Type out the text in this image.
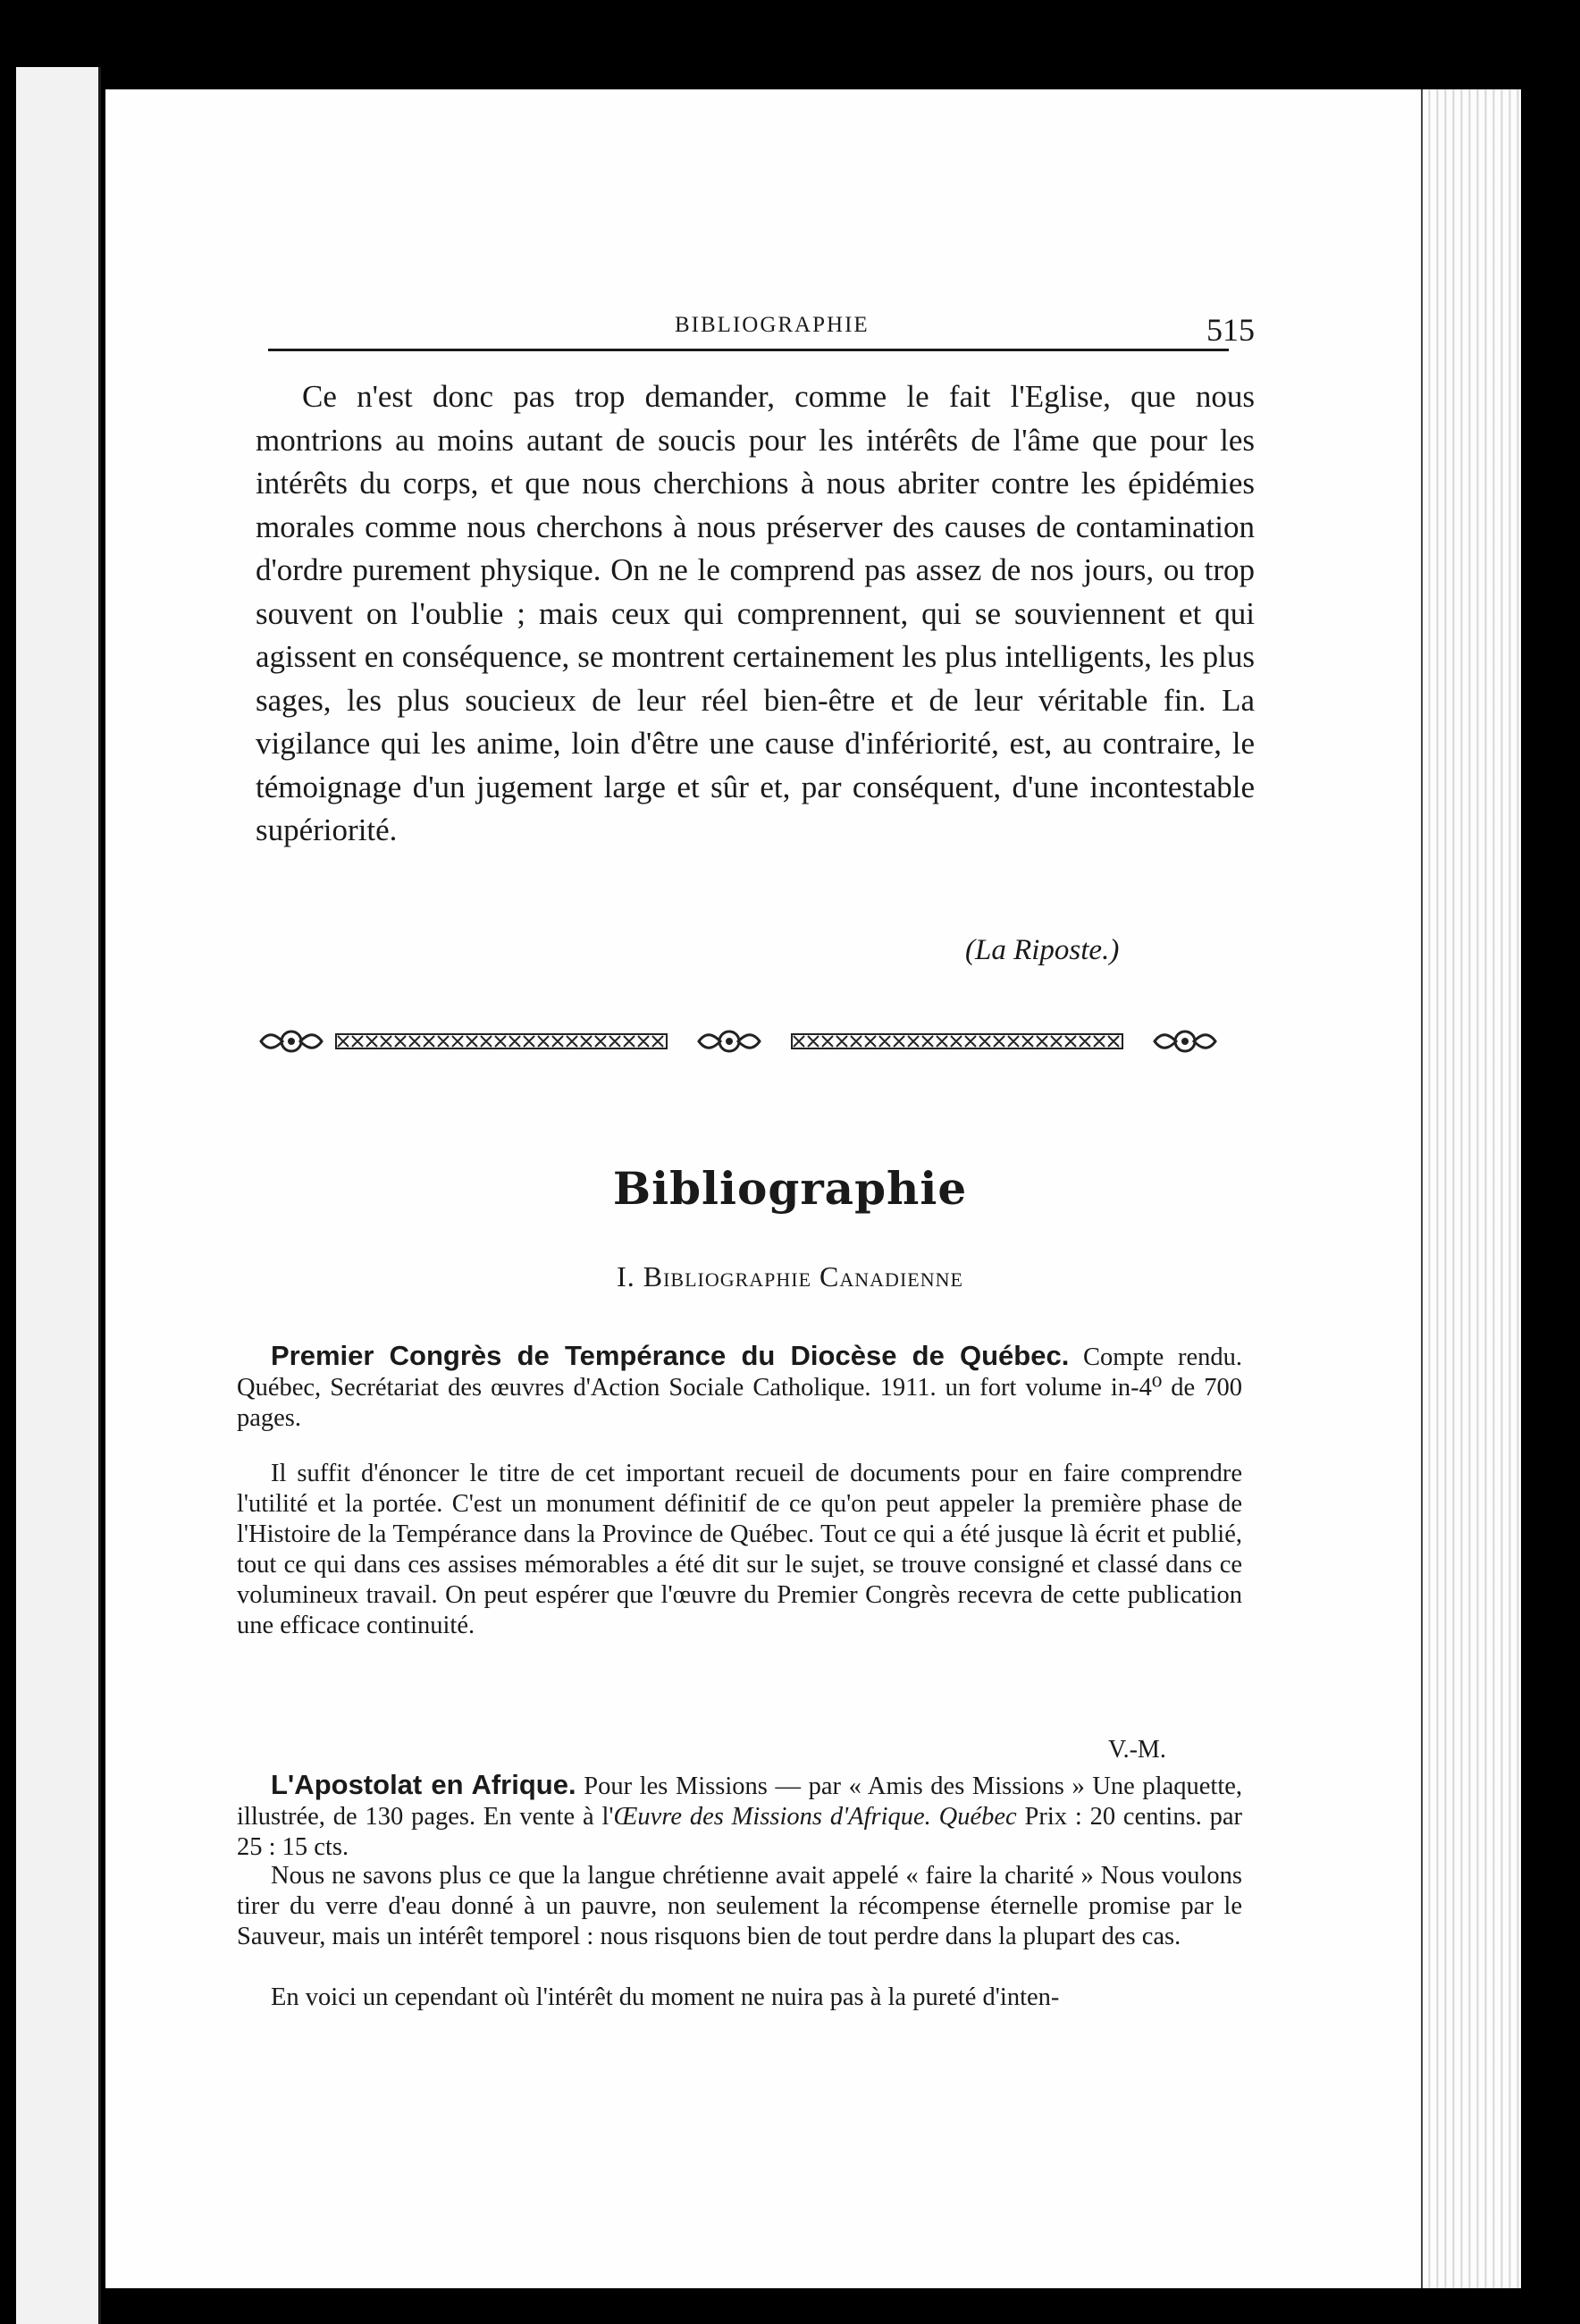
BIBLIOGRAPHIE	515

Ce n'est donc pas trop demander, comme le fait l'Eglise, que nous montrions au moins autant de soucis pour les intérêts de l'âme que pour les intérêts du corps, et que nous cherchions à nous abriter contre les épidémies morales comme nous cherchons à nous préserver des causes de contamination d'ordre purement physique. On ne le comprend pas assez de nos jours, ou trop souvent on l'oublie ; mais ceux qui comprennent, qui se souviennent et qui agissent en conséquence, se montrent certainement les plus intelligents, les plus sages, les plus soucieux de leur réel bien-être et de leur véritable fin. La vigilance qui les anime, loin d'être une cause d'infériorité, est, au contraire, le témoignage d'un jugement large et sûr et, par conséquent, d'une incontestable supériorité.

(La Riposte.)
Bibliographie
I. Bibliographie Canadienne

Premier Congrès de Tempérance du Diocèse de Québec. Compte rendu. Québec, Secrétariat des œuvres d'Action Sociale Catholique. 1911. un fort volume in-4⁰ de 700 pages.

Il suffit d'énoncer le titre de cet important recueil de documents pour en faire comprendre l'utilité et la portée. C'est un monument définitif de ce qu'on peut appeler la première phase de l'Histoire de la Tempérance dans la Province de Québec. Tout ce qui a été jusque là écrit et publié, tout ce qui dans ces assises mémorables a été dit sur le sujet, se trouve consigné et classé dans ce volumineux travail. On peut espérer que l'œuvre du Premier Congrès recevra de cette publication une efficace continuité.

V.-M.

L'Apostolat en Afrique. Pour les Missions — par « Amis des Missions » Une plaquette, illustrée, de 130 pages. En vente à l'Œuvre des Missions d'Afrique. Québec Prix : 20 centins. par 25 : 15 cts.

Nous ne savons plus ce que la langue chrétienne avait appelé « faire la charité » Nous voulons tirer du verre d'eau donné à un pauvre, non seulement la récompense éternelle promise par le Sauveur, mais un intérêt temporel : nous risquons bien de tout perdre dans la plupart des cas.

En voici un cependant où l'intérêt du moment ne nuira pas à la pureté d'inten-
